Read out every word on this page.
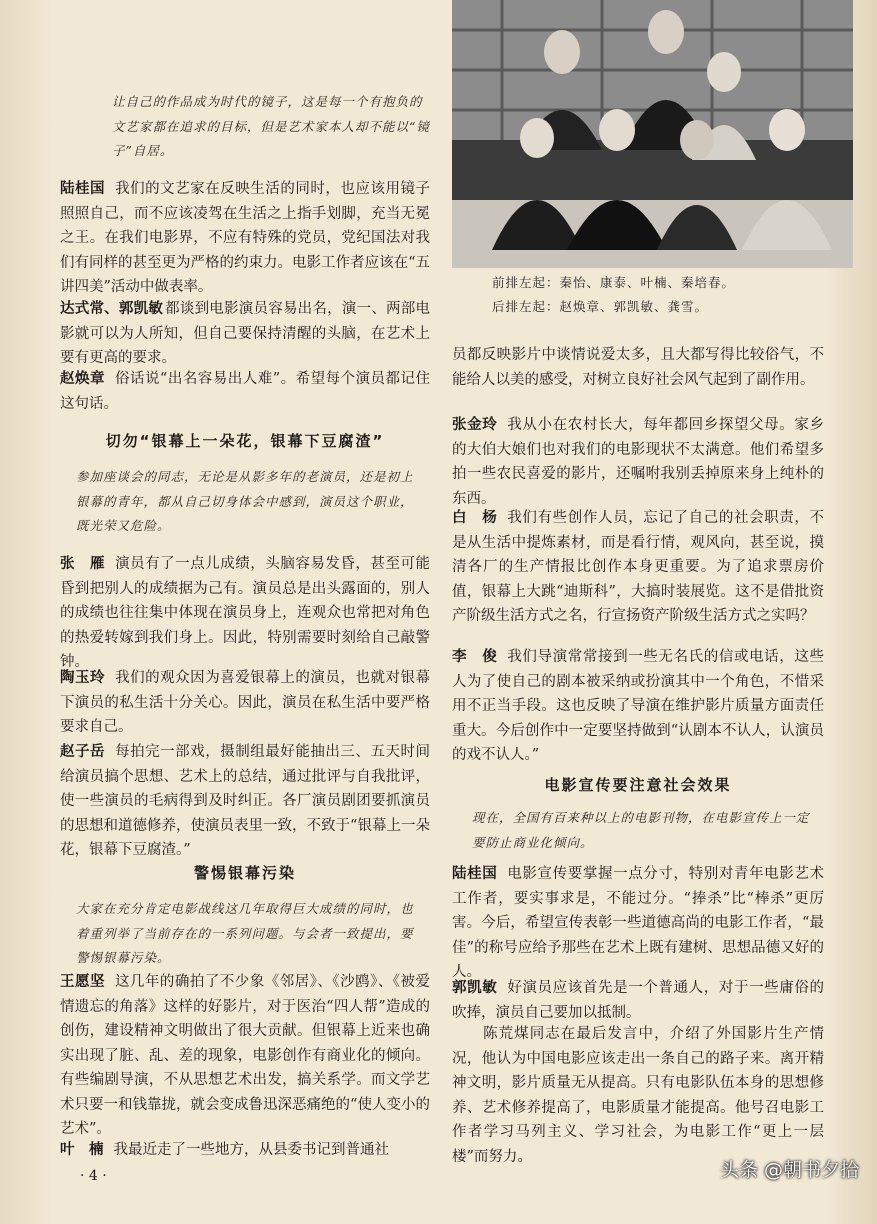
前排左起：秦怡、康泰、叶楠、秦培春。
后排左起：赵焕章、郭凯敏、龚雪。
让自己的作品成为时代的镜子，这是每一个有抱负的文艺家都在追求的目标，但是艺术家本人却不能以“镜子”自居。
陆桂国 我们的文艺家在反映生活的同时，也应该用镜子照照自己，而不应该凌驾在生活之上指手划脚，充当无冕之王。在我们电影界，不应有特殊的党员，党纪国法对我们有同样的甚至更为严格的约束力。电影工作者应该在“五讲四美”活动中做表率。
达式常、郭凯敏 都谈到电影演员容易出名，演一、两部电影就可以为人所知，但自己要保持清醒的头脑，在艺术上要有更高的要求。
赵焕章 俗话说“出名容易出人难”。希望每个演员都记住这句话。
切勿“银幕上一朵花，银幕下豆腐渣”
参加座谈会的同志，无论是从影多年的老演员，还是初上银幕的青年，都从自己切身体会中感到，演员这个职业，既光荣又危险。
张　雁 演员有了一点儿成绩，头脑容易发昏，甚至可能昏到把别人的成绩据为己有。演员总是出头露面的，别人的成绩也往往集中体现在演员身上，连观众也常把对角色的热爱转嫁到我们身上。因此，特别需要时刻给自己敲警钟。
陶玉玲 我们的观众因为喜爱银幕上的演员，也就对银幕下演员的私生活十分关心。因此，演员在私生活中要严格要求自己。
赵子岳 每拍完一部戏，摄制组最好能抽出三、五天时间给演员搞个思想、艺术上的总结，通过批评与自我批评，使一些演员的毛病得到及时纠正。各厂演员剧团要抓演员的思想和道德修养，使演员表里一致，不致于“银幕上一朵花，银幕下豆腐渣。”
警惕银幕污染
大家在充分肯定电影战线这几年取得巨大成绩的同时，也着重列举了当前存在的一系列问题。与会者一致提出，要警惕银幕污染。
王愿坚 这几年的确拍了不少象《邻居》、《沙鸥》、《被爱情遗忘的角落》这样的好影片，对于医治“四人帮”造成的创伤，建设精神文明做出了很大贡献。但银幕上近来也确实出现了脏、乱、差的现象，电影创作有商业化的倾向。有些编剧导演，不从思想艺术出发，搞关系学。而文学艺术只要一和钱靠拢，就会变成鲁迅深恶痛绝的“使人变小的艺术”。
叶　楠 我最近走了一些地方，从县委书记到普通社
员都反映影片中谈情说爱太多，且大都写得比较俗气，不能给人以美的感受，对树立良好社会风气起到了副作用。
张金玲 我从小在农村长大，每年都回乡探望父母。家乡的大伯大娘们也对我们的电影现状不太满意。他们希望多拍一些农民喜爱的影片，还嘱咐我别丢掉原来身上纯朴的东西。
白　杨 我们有些创作人员，忘记了自己的社会职责，不是从生活中提炼素材，而是看行情，观风向，甚至说，摸清各厂的生产情报比创作本身更重要。为了追求票房价值，银幕上大跳“迪斯科”，大搞时装展览。这不是借批资产阶级生活方式之名，行宣扬资产阶级生活方式之实吗？
李　俊 我们导演常常接到一些无名氏的信或电话，这些人为了使自己的剧本被采纳或扮演其中一个角色，不惜采用不正当手段。这也反映了导演在维护影片质量方面责任重大。今后创作中一定要坚持做到“认剧本不认人，认演员的戏不认人。”
电影宣传要注意社会效果
现在，全国有百来种以上的电影刊物，在电影宣传上一定要防止商业化倾向。
陆桂国 电影宣传要掌握一点分寸，特别对青年电影艺术工作者，要实事求是，不能过分。“捧杀”比“棒杀”更厉害。今后，希望宣传表彰一些道德高尚的电影工作者，“最佳”的称号应给予那些在艺术上既有建树、思想品德又好的人。
郭凯敏 好演员应该首先是一个普通人，对于一些庸俗的吹捧，演员自己要加以抵制。
　　陈荒煤同志在最后发言中，介绍了外国影片生产情况，他认为中国电影应该走出一条自己的路子来。离开精神文明，影片质量无从提高。只有电影队伍本身的思想修养、艺术修养提高了，电影质量才能提高。他号召电影工作者学习马列主义、学习社会，为电影工作“更上一层楼”而努力。
· 4 ·	头条 @朝书夕拾
